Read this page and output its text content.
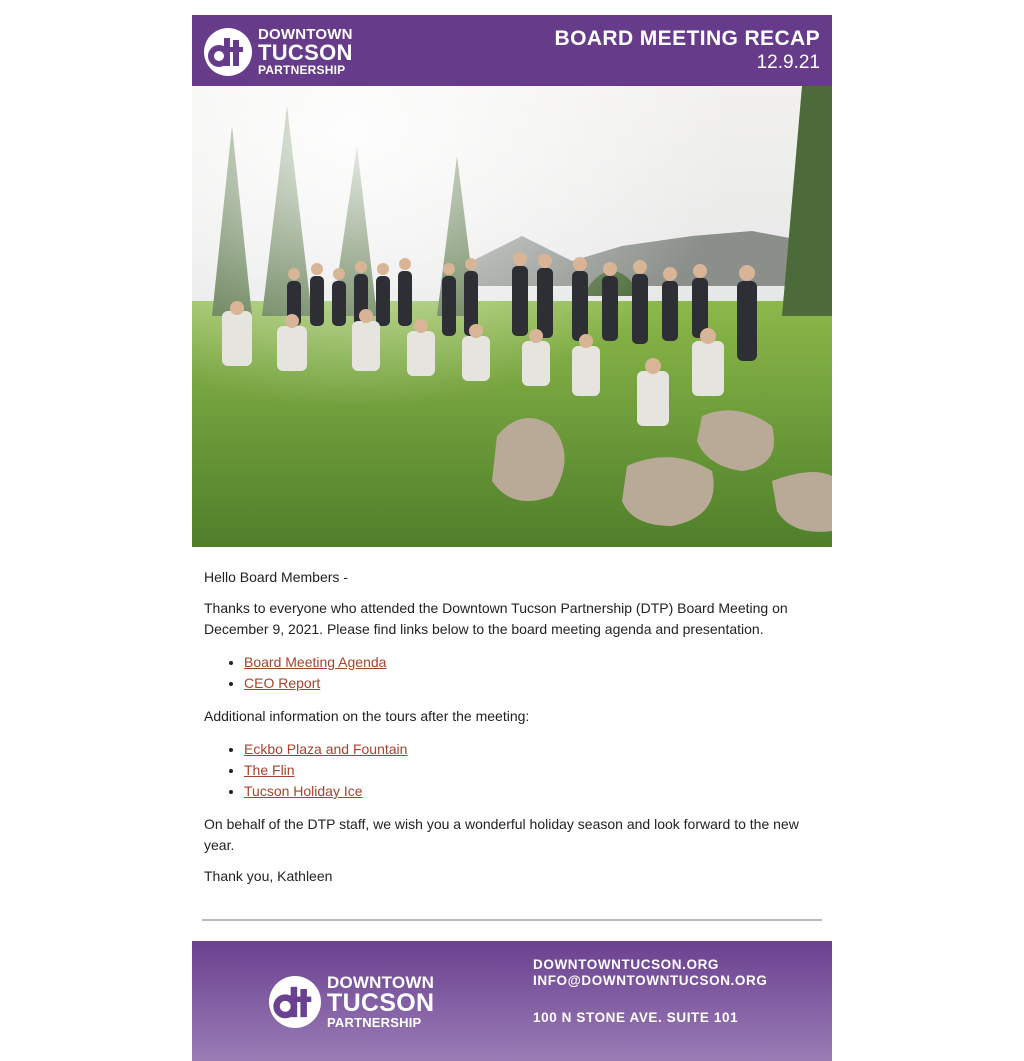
DOWNTOWN
TUCSON
PARTNERSHIP
BOARD MEETING RECAP
12.9.21

Hello Board Members -

Thanks to everyone who attended the Downtown Tucson Partnership (DTP) Board Meeting on December 9, 2021. Please find links below to the board meeting agenda and presentation.

• Board Meeting Agenda
• CEO Report

Additional information on the tours after the meeting:

• Eckbo Plaza and Fountain
• The Flin
• Tucson Holiday Ice

On behalf of the DTP staff, we wish you a wonderful holiday season and look forward to the new year.

Thank you, Kathleen

DOWNTOWN
TUCSON
PARTNERSHIP
DOWNTOWNTUCSON.ORG
INFO@DOWNTOWNTUCSON.ORG
100 N STONE AVE. SUITE 101
